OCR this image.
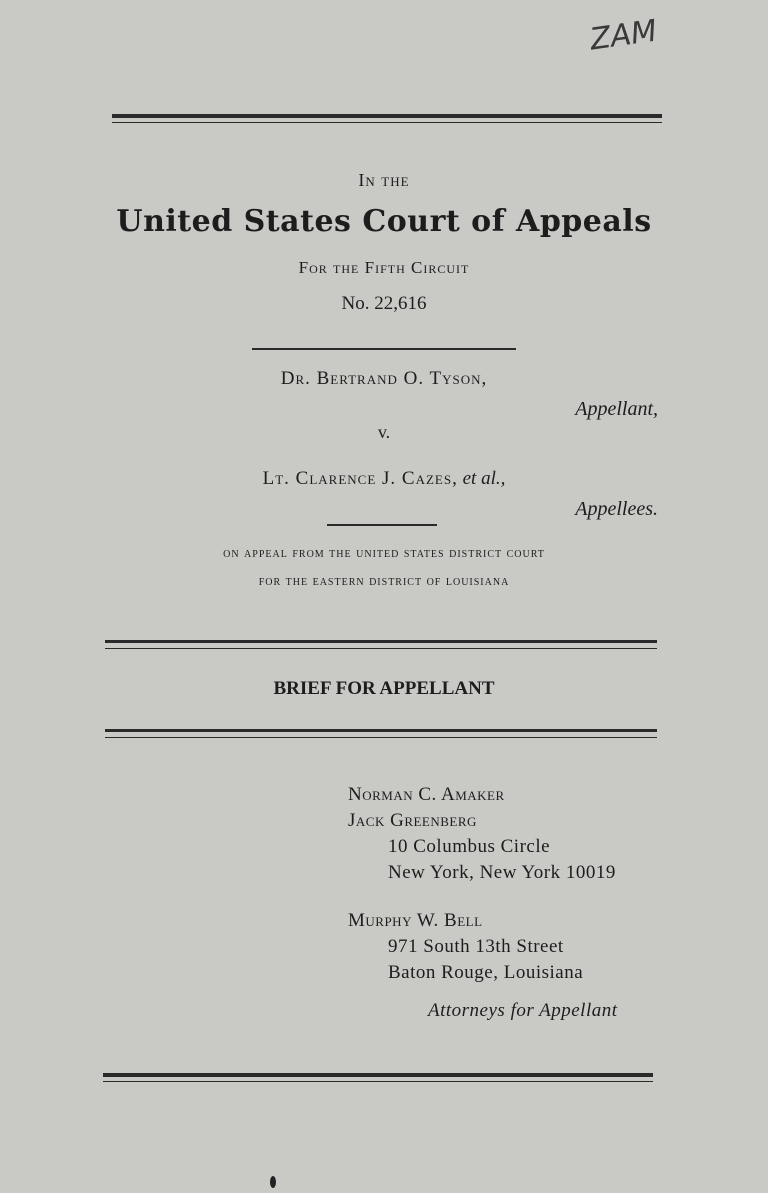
ZAM
In the
United States Court of Appeals
For the Fifth Circuit
No. 22,616
Dr. Bertrand O. Tyson,
Appellant,
v.
Lt. Clarence J. Cazes, et al.,
Appellees.
on appeal from the united states district court
for the eastern district of louisiana
BRIEF FOR APPELLANT
Norman C. Amaker
Jack Greenberg
10 Columbus Circle
New York, New York 10019
Murphy W. Bell
971 South 13th Street
Baton Rouge, Louisiana
Attorneys for Appellant
